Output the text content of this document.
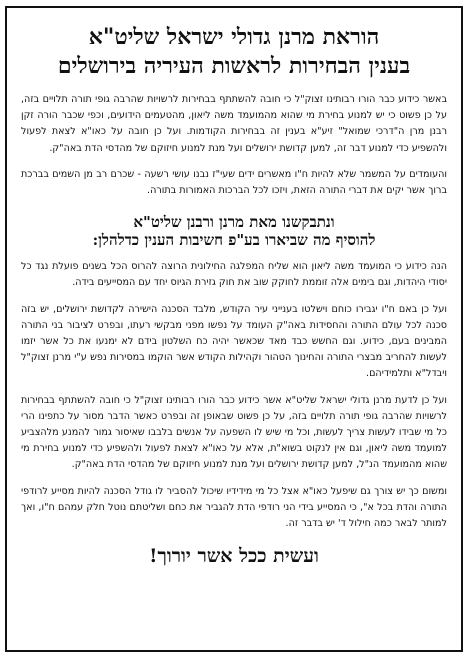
הוראת מרנן גדולי ישראל שליט"א
בענין הבחירות לראשות העיריה בירושלים

באשר כידוע כבר הורו רבותינו זצוק"ל כי חובה להשתתף בבחירות לרשויות שהרבה גופי תורה תלויים בזה, על כן פשוט כי יש למנוע בחירת מי שהוא מהמועמד משה ליאון, מהטעמים הידועים, וכפי שכבר הורה זקן רבנן מרן ה"דרכי שמואל" זיע"א בענין זה בבחירות הקודמות. ועל כן חובה על כאו"א לצאת לפעול ולהשפיע כדי למנוע דבר זה, למען קדושת ירושלים ועל מנת למנוע חיזוקם של מהדסי הדת באה"ק.

והעומדים על המשמר שלא להיות ח"ו מאשרים ידים שעי"ז נבנו עושי רשעה - שכרם רב מן השמים בברכת ברוך אשר יקים את דברי התורה הזאת, ויזכו לכל הברכות האמורות בתורה.

ונתבקשנו מאת מרנן ורבנן שליט"א
להוסיף מה שביארו בע"פ חשיבות הענין כדלהלן:

הנה כידוע כי המועמד משה ליאון הוא שליח המפלגה החילונית הרוצה להרוס הכל בשנים פועלת נגד כל יסודי היהדות, וגם בימים אלה זוממת לחוקק שוב את חוק גזירת הגיוס יחד עם המסייעים בידה.

ועל כן באם ח"ו יגבירו כוחם וישלטו בענייני עיר הקודש, מלבד הסכנה הישירה לקדושת ירושלים, יש בזה סכנה לכל עולם התורה והחסידות באה"ק העומד על נפשו מפני מבקשי רעתו, ובפרט לציבור בני התורה המבינים בעם, כידוע. וגם החשש כבד מאד שכאשר יהיה כח השלטון בידם לא ימנעו את כל אשר יזמו לעשות להחריב מבצרי התורה והחינוך הטהור וקהילות הקודש אשר הוקמו במסירות נפש ע"י מרנן זצוק"ל ויבדל"א ותלמידיהם.

ועל כן לדעת מרנן גדולי ישראל שליט"א אשר כידוע כבר הורו רבותינו זצוק"ל כי חובה להשתתף בבחירות לרשויות שהרבה גופי תורה תלויים בזה, על כן פשוט שבאופן זה ובפרט כאשר הדבר מסור על כתפינו הרי כל מי שבידו לעשות צריך לעשות, וכל מי שיש לו השפעה על אנשים בלבבו שאיסור גמור להמנע מלהצביע למועמד משה ליאון, וגם אין לנקוט בשוא"ת, אלא על כאו"א לצאת לפעול ולהשפיע כדי למנוע בחירת מי שהוא מהמועמד הנ"ל, למען קדושת ירושלים ועל מנת למנוע חיזוקם של מהדסי הדת באה"ק.

ומשום כך יש צורך גם שיפעל כאו"א אצל כל מי מידידיו שיכול להסביר לו גודל הסכנה להיות מסייע לרודפי התורה והדת בכל א", כי המסייע בידי הני רודפי הדת להגביר את כחם ושליטתם נוטל חלק עמהם ח"ו, ואך למותר לבאר כמה חילול ד' יש בדבר זה.

ועשית ככל אשר יורוך!
